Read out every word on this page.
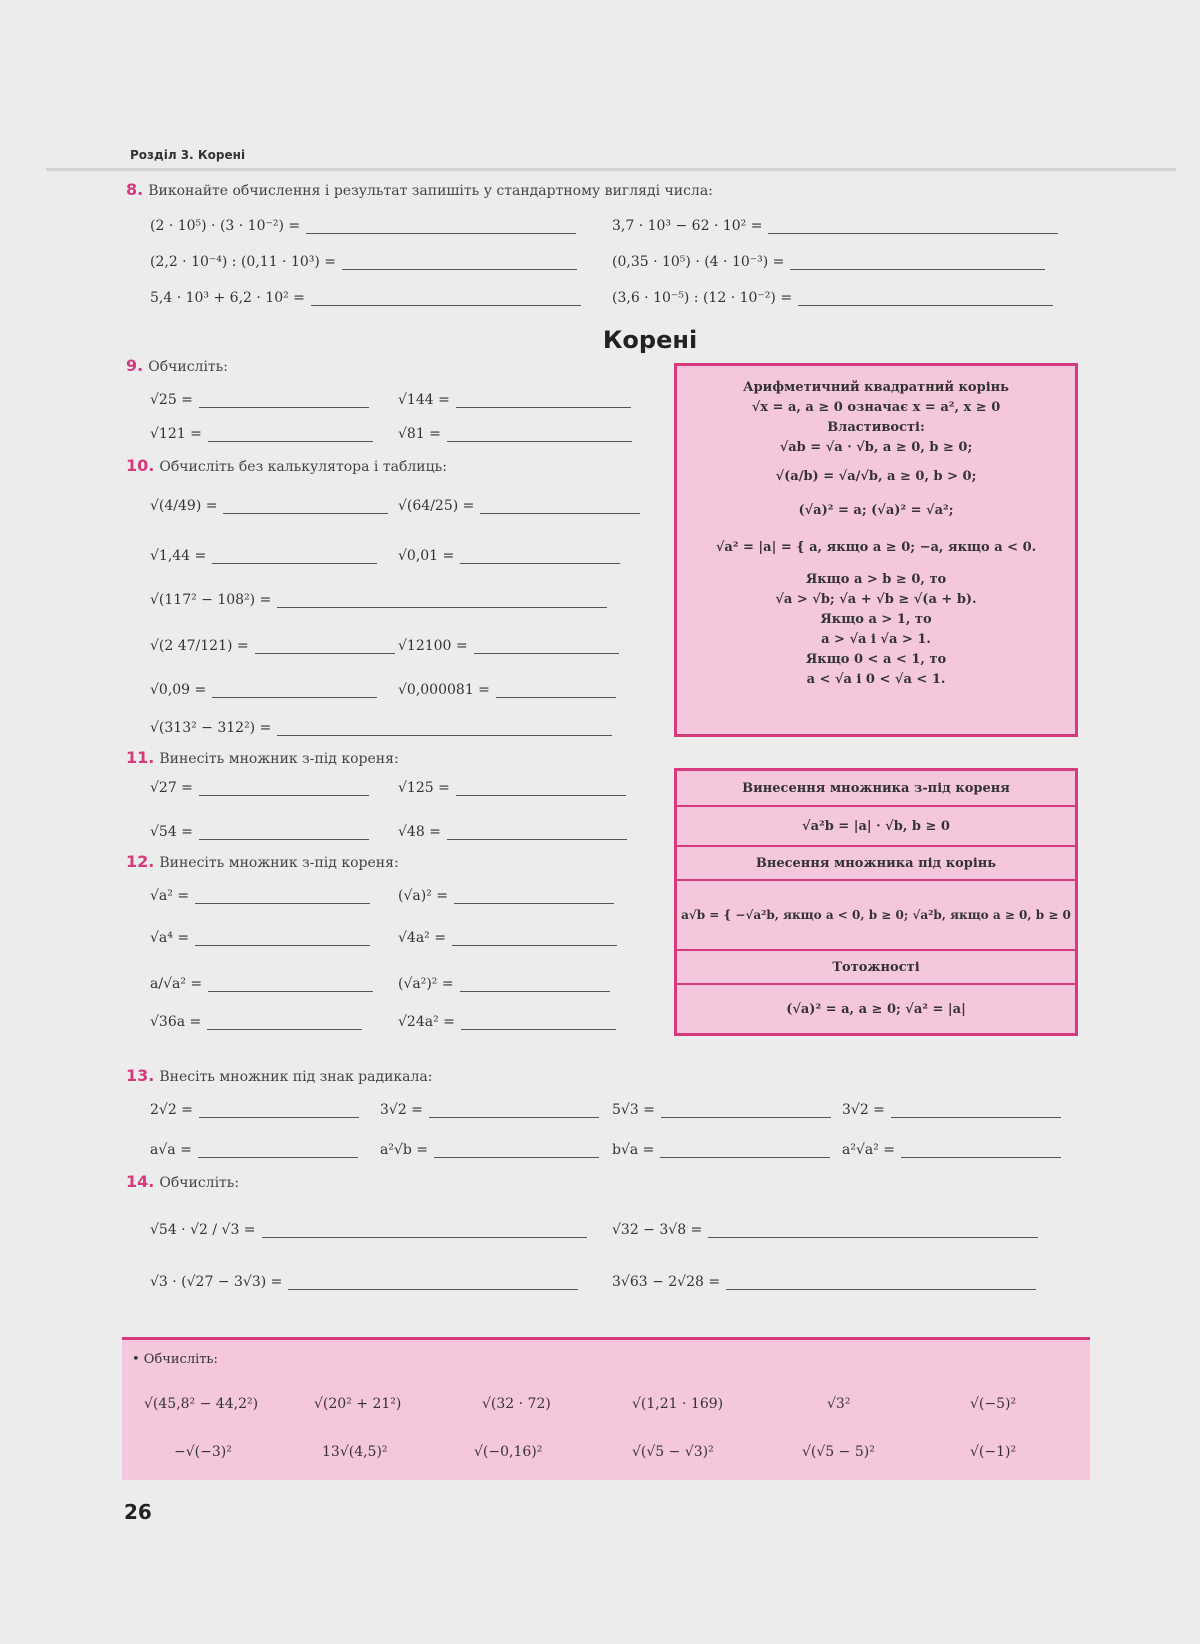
Розділ 3. Корені
8. Виконайте обчислення і результат запишіть у стандартному вигляді числа:
(2 · 10⁵) · (3 · 10⁻²) =	3,7 · 10³ − 62 · 10² =
(2,2 · 10⁻⁴) : (0,11 · 10³) =	(0,35 · 10⁵) · (4 · 10⁻³) =
5,4 · 10³ + 6,2 · 10² =	(3,6 · 10⁻⁵) : (12 · 10⁻²) =
Корені
9. Обчисліть:
√25 =	√144 =
√121 =	√81 =
10. Обчисліть без калькулятора і таблиць:
√(4/49) =	√(64/25) =
√1,44 =	√0,01 =
√(117² − 108²) =
√(2 47/121) =	√12100 =
√0,09 =	√0,000081 =
√(313² − 312²) =
11. Винесіть множник з-під кореня:
√27 =	√125 =
√54 =	√48 =
12. Винесіть множник з-під кореня:
√a² =	(√a)² =
√a⁴ =	√4a² =
a/√a² =	(√a²)² =
√36a =	√24a² =
Арифметичний квадратний корінь
√x = a, a ≥ 0 означає x = a², x ≥ 0
Властивості:
√ab = √a · √b, a ≥ 0, b ≥ 0;
√(a/b) = √a/√b, a ≥ 0, b > 0;
(√a)² = a; (√a)² = √a²;
√a² = |a| = { a, якщо a ≥ 0; −a, якщо a < 0.
Якщо a > b ≥ 0, то
√a > √b; √a + √b ≥ √(a + b).
Якщо a > 1, то
a > √a і √a > 1.
Якщо 0 < a < 1, то
a < √a і 0 < √a < 1.
Винесення множника з-під кореня
√a²b = |a| · √b, b ≥ 0
Внесення множника під корінь
a√b = { −√a²b, якщо a < 0, b ≥ 0; √a²b, якщо a ≥ 0, b ≥ 0
Тотожності
(√a)² = a, a ≥ 0; √a² = |a|
13. Внесіть множник під знак радикала:
2√2 =	3√2 =	5√3 =	3√2 =
a√a =	a²√b =	b√a =	a²√a² =
14. Обчисліть:
√54 · √2 / √3 =	√32 − 3√8 =
√3 · (√27 − 3√3) =	3√63 − 2√28 =
• Обчисліть:
√(45,8² − 44,2²)	√(20² + 21²)	√(32 · 72)	√(1,21 · 169)	√3²	√(−5)²
−√(−3)²	13√(4,5)²	√(−0,16)²	√(√5 − √3)²	√(√5 − 5)²	√(−1)²
26
